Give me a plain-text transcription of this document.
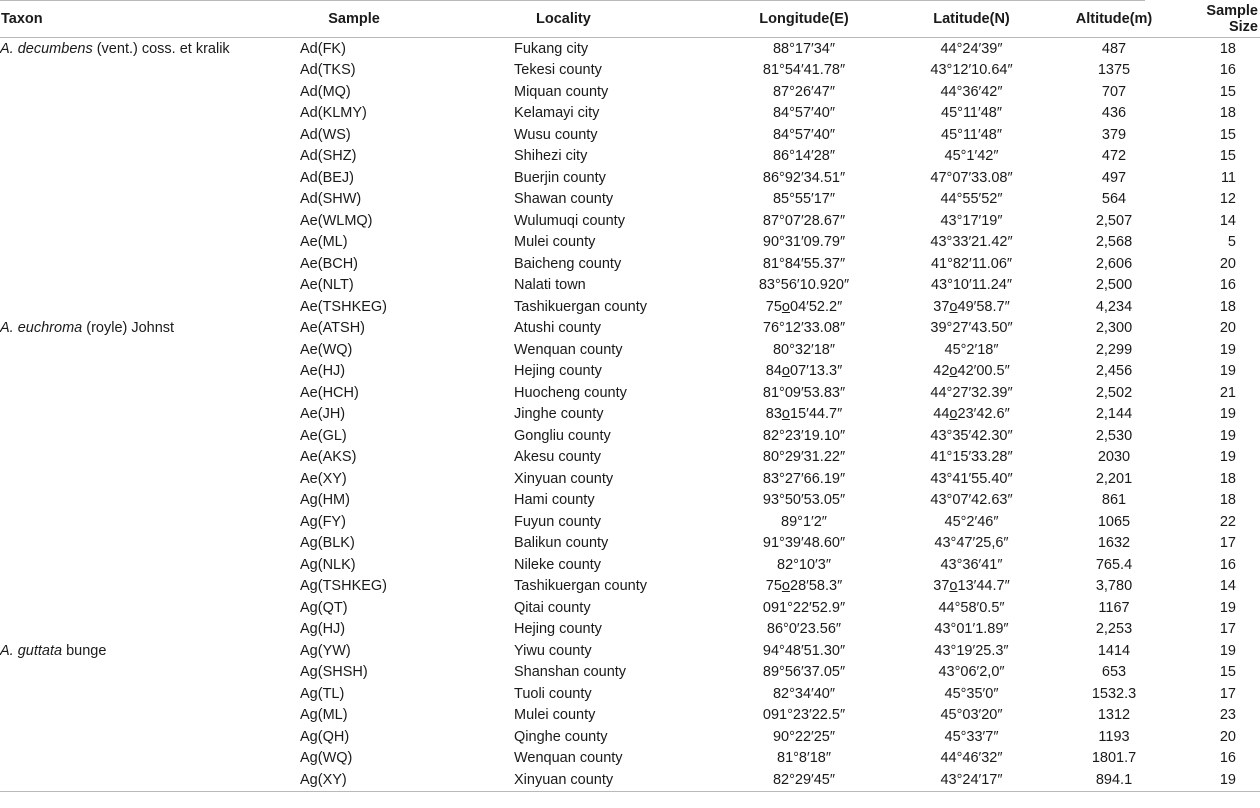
Taxon	Sample	Locality	Longitude(E)	Latitude(N)	Altitude(m)	Sample Size
A. decumbens (vent.) coss. et kralik	Ad(FK)	Fukang city	88°17′34″	44°24′39″	487	18
	Ad(TKS)	Tekesi county	81°54′41.78″	43°12′10.64″	1375	16
	Ad(MQ)	Miquan county	87°26′47″	44°36′42″	707	15
	Ad(KLMY)	Kelamayi city	84°57′40″	45°11′48″	436	18
	Ad(WS)	Wusu county	84°57′40″	45°11′48″	379	15
	Ad(SHZ)	Shihezi city	86°14′28″	45°1′42″	472	15
	Ad(BEJ)	Buerjin county	86°92′34.51″	47°07′33.08″	497	11
	Ad(SHW)	Shawan county	85°55′17″	44°55′52″	564	12
	Ae(WLMQ)	Wulumuqi county	87°07′28.67″	43°17′19″	2,507	14
	Ae(ML)	Mulei county	90°31′09.79″	43°33′21.42″	2,568	5
	Ae(BCH)	Baicheng county	81°84′55.37″	41°82′11.06″	2,606	20
	Ae(NLT)	Nalati town	83°56′10.920″	43°10′11.24″	2,500	16
	Ae(TSHKEG)	Tashikuergan county	75o04′52.2″	37o49′58.7″	4,234	18
A. euchroma (royle) Johnst	Ae(ATSH)	Atushi county	76°12′33.08″	39°27′43.50″	2,300	20
	Ae(WQ)	Wenquan county	80°32′18″	45°2′18″	2,299	19
	Ae(HJ)	Hejing county	84o07′13.3″	42o42′00.5″	2,456	19
	Ae(HCH)	Huocheng county	81°09′53.83″	44°27′32.39″	2,502	21
	Ae(JH)	Jinghe county	83o15′44.7″	44o23′42.6″	2,144	19
	Ae(GL)	Gongliu county	82°23′19.10″	43°35′42.30″	2,530	19
	Ae(AKS)	Akesu county	80°29′31.22″	41°15′33.28″	2030	19
	Ae(XY)	Xinyuan county	83°27′66.19″	43°41′55.40″	2,201	18
	Ag(HM)	Hami county	93°50′53.05″	43°07′42.63″	861	18
	Ag(FY)	Fuyun county	89°1′2″	45°2′46″	1065	22
	Ag(BLK)	Balikun county	91°39′48.60″	43°47′25,6″	1632	17
	Ag(NLK)	Nileke county	82°10′3″	43°36′41″	765.4	16
	Ag(TSHKEG)	Tashikuergan county	75o28′58.3″	37o13′44.7″	3,780	14
	Ag(QT)	Qitai county	091°22′52.9″	44°58′0.5″	1167	19
	Ag(HJ)	Hejing county	86°0′23.56″	43°01′1.89″	2,253	17
A. guttata bunge	Ag(YW)	Yiwu county	94°48′51.30″	43°19′25.3″	1414	19
	Ag(SHSH)	Shanshan county	89°56′37.05″	43°06′2,0″	653	15
	Ag(TL)	Tuoli county	82°34′40″	45°35′0″	1532.3	17
	Ag(ML)	Mulei county	091°23′22.5″	45°03′20″	1312	23
	Ag(QH)	Qinghe county	90°22′25″	45°33′7″	1193	20
	Ag(WQ)	Wenquan county	81°8′18″	44°46′32″	1801.7	16
	Ag(XY)	Xinyuan county	82°29′45″	43°24′17″	894.1	19
